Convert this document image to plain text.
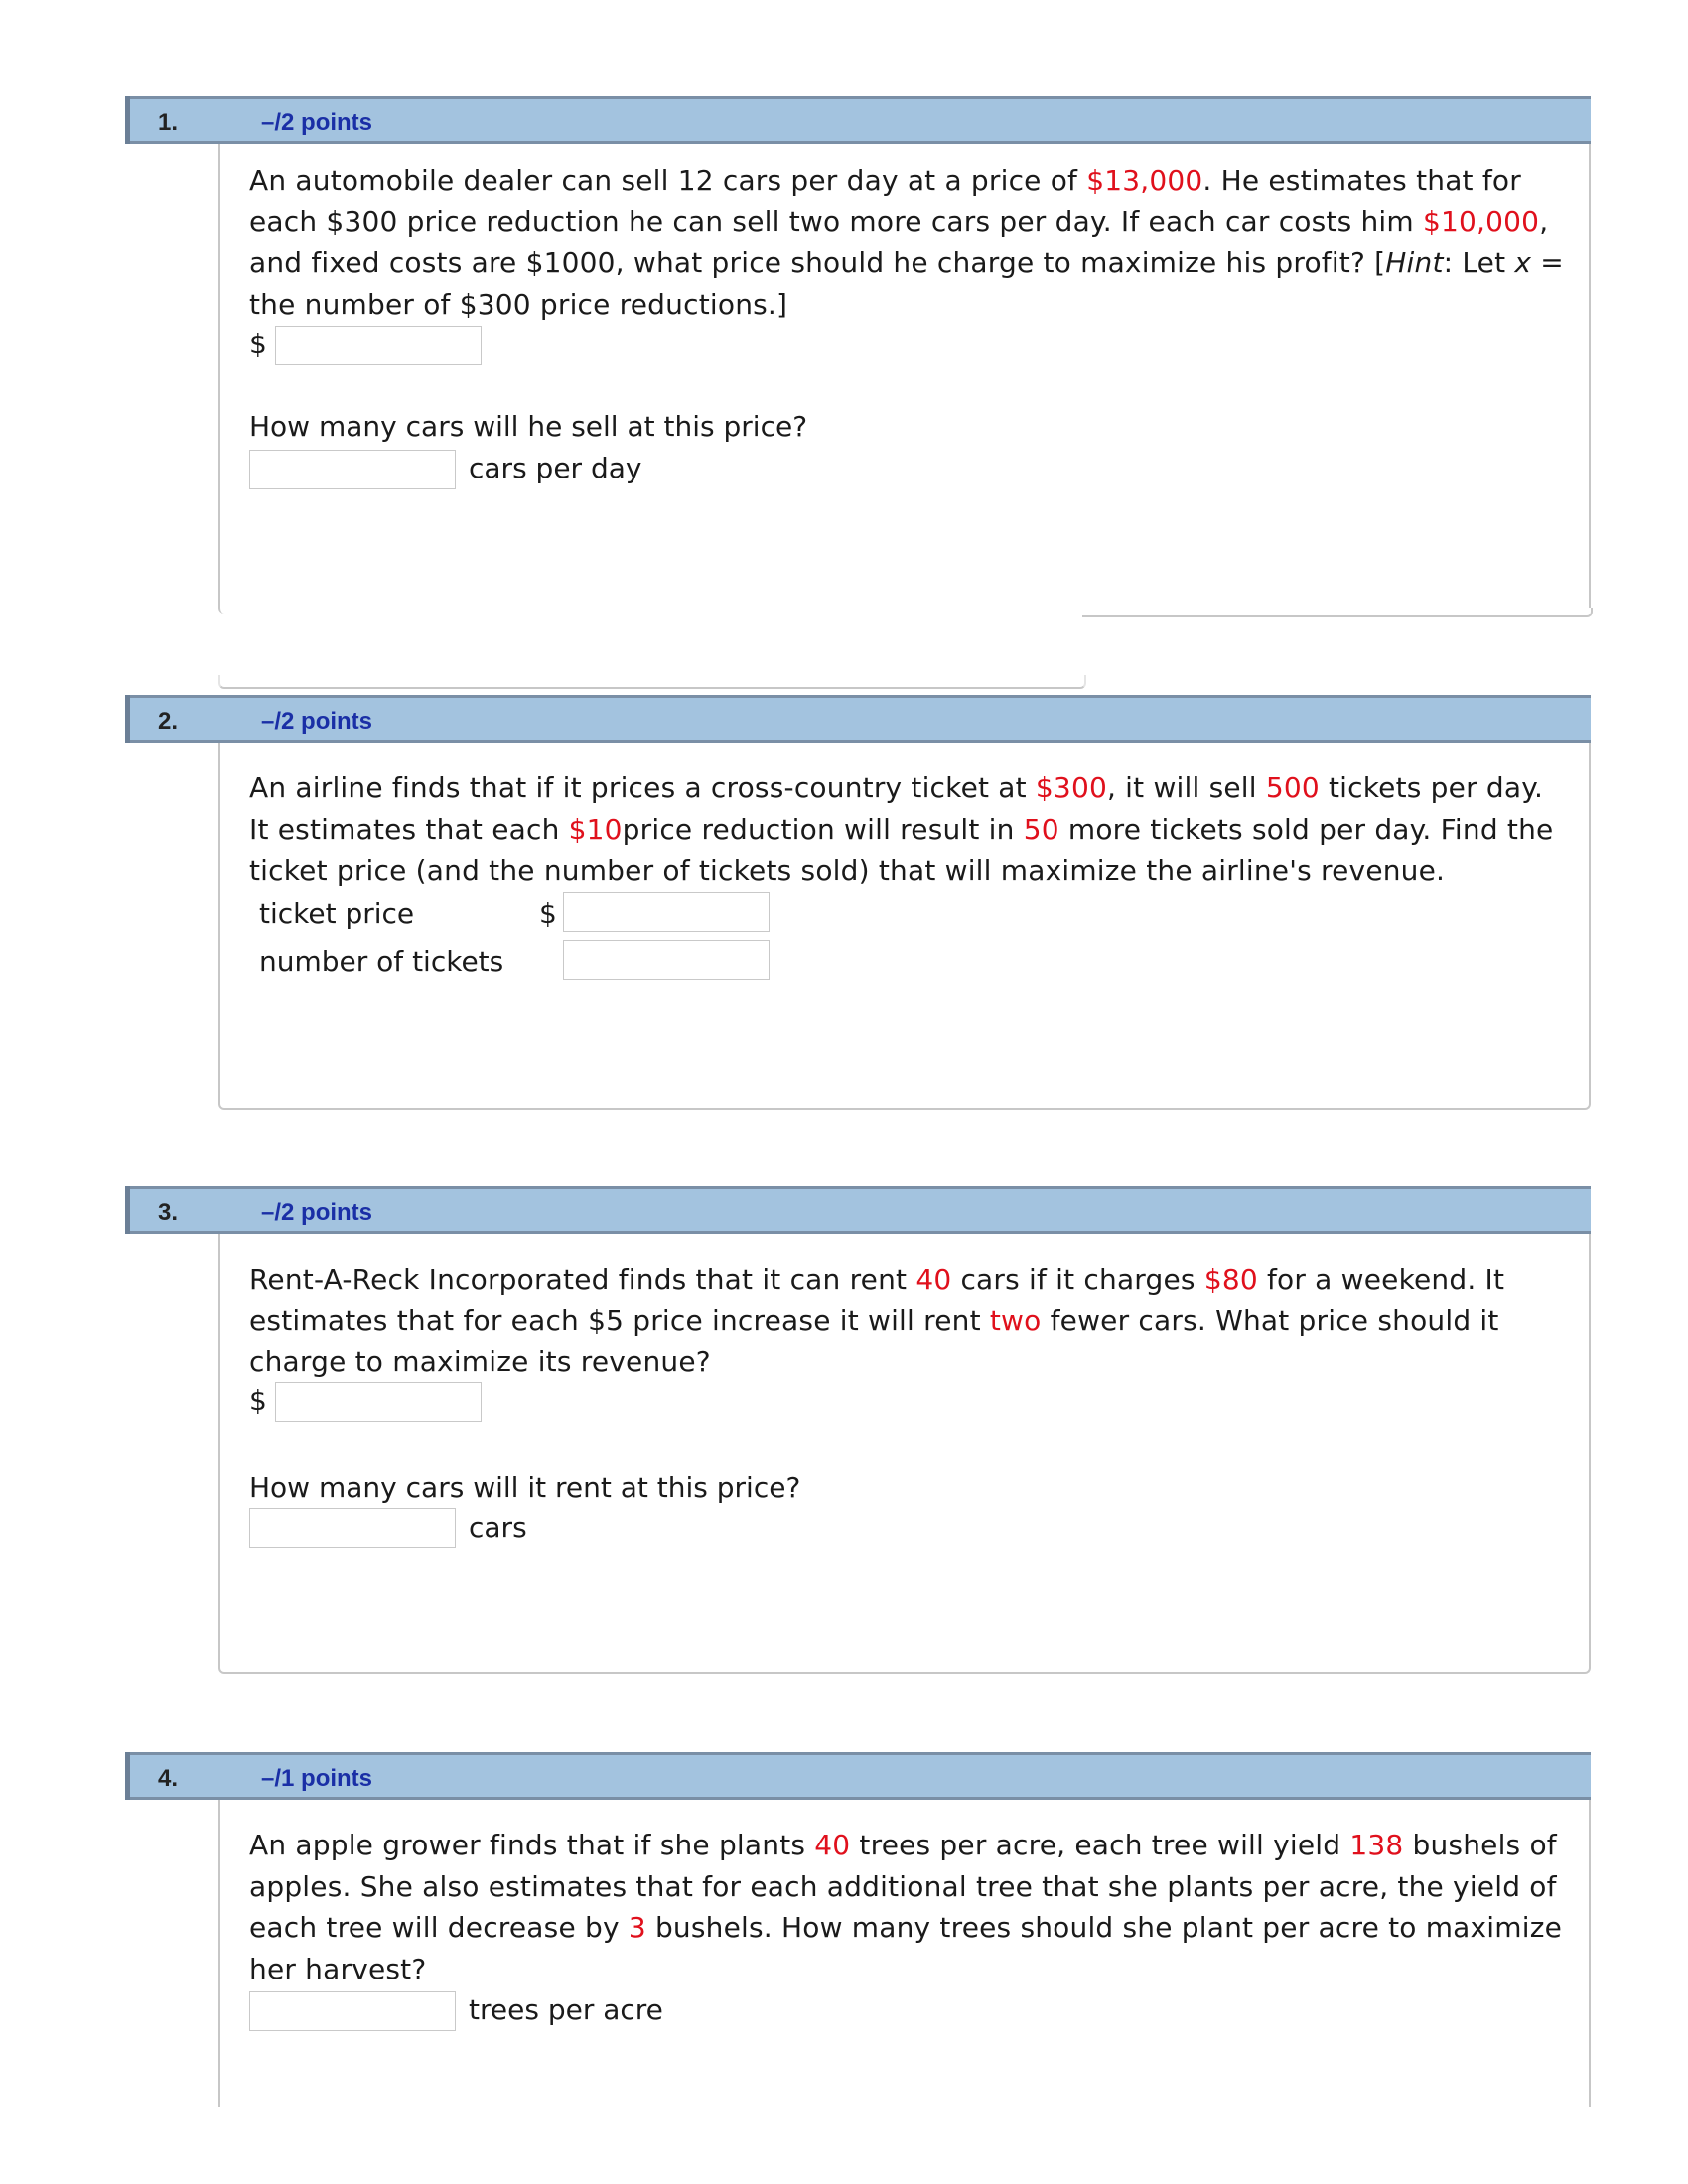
1.	–/2 points
An automobile dealer can sell 12 cars per day at a price of $13,000. He estimates that for each $300 price reduction he can sell two more cars per day. If each car costs him $10,000, and fixed costs are $1000, what price should he charge to maximize his profit? [Hint: Let x = the number of $300 price reductions.]
$
How many cars will he sell at this price?
cars per day
2.	–/2 points
An airline finds that if it prices a cross-country ticket at $300, it will sell 500 tickets per day. It estimates that each $10price reduction will result in 50 more tickets sold per day. Find the ticket price (and the number of tickets sold) that will maximize the airline's revenue.
ticket price	$
number of tickets
3.	–/2 points
Rent-A-Reck Incorporated finds that it can rent 40 cars if it charges $80 for a weekend. It estimates that for each $5 price increase it will rent two fewer cars. What price should it charge to maximize its revenue?
$
How many cars will it rent at this price?
cars
4.	–/1 points
An apple grower finds that if she plants 40 trees per acre, each tree will yield 138 bushels of apples. She also estimates that for each additional tree that she plants per acre, the yield of each tree will decrease by 3 bushels. How many trees should she plant per acre to maximize her harvest?
trees per acre
